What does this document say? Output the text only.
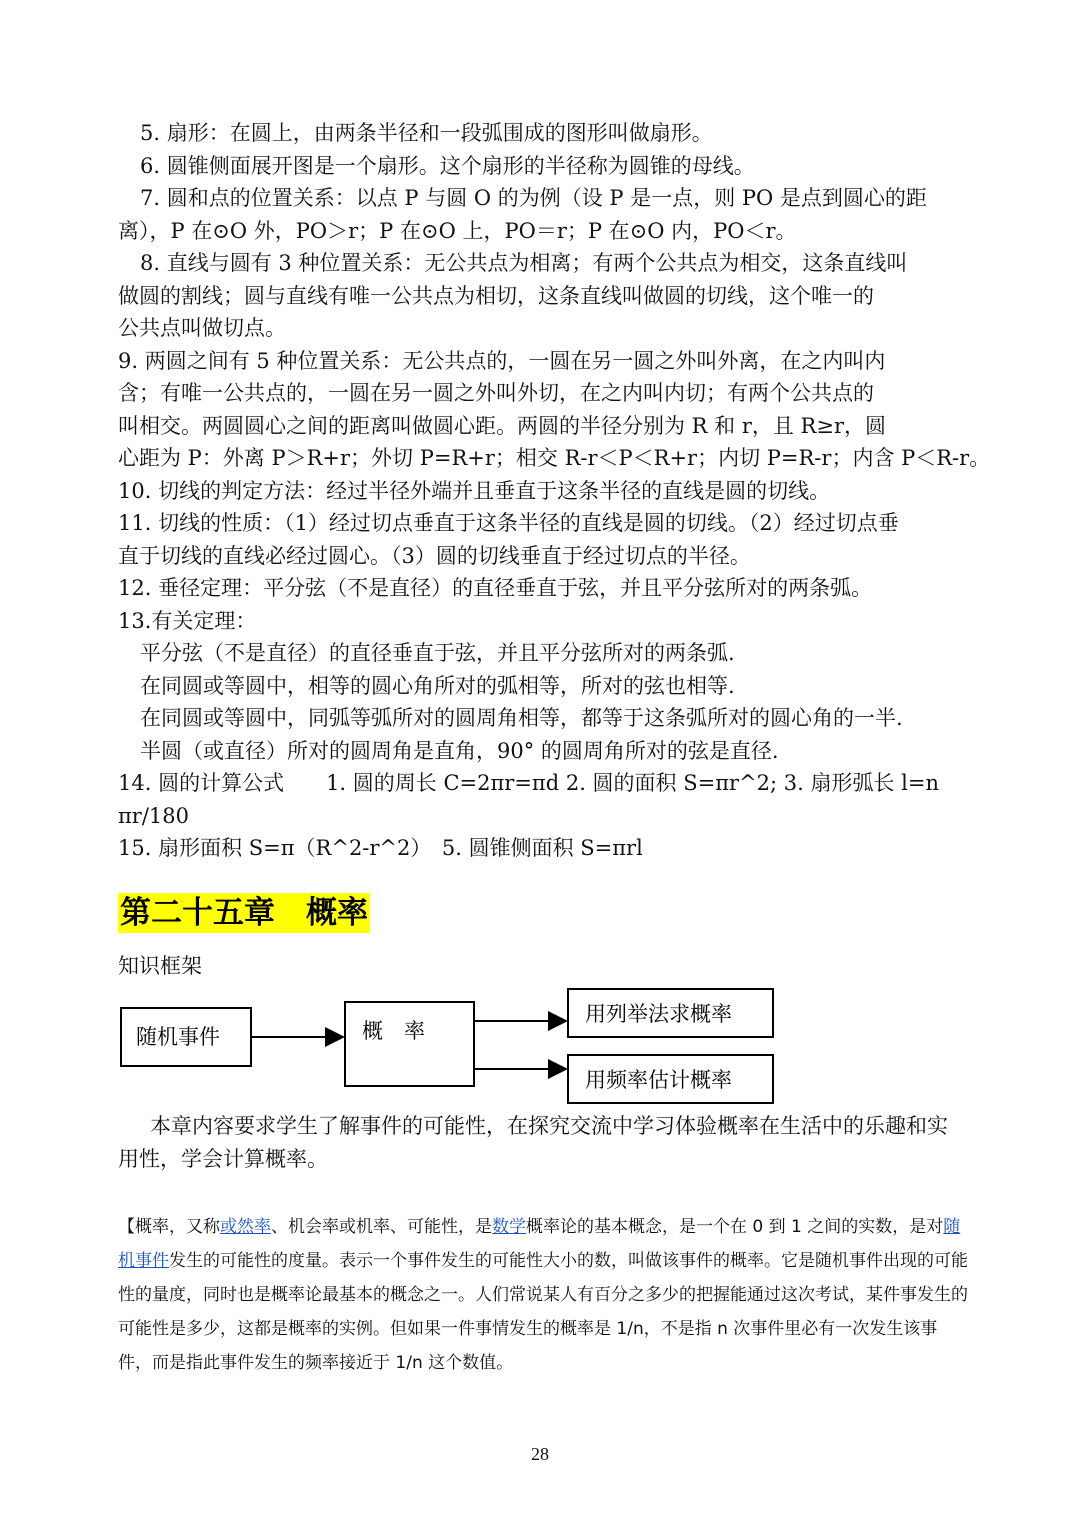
5. 扇形：在圆上，由两条半径和一段弧围成的图形叫做扇形。
6. 圆锥侧面展开图是一个扇形。这个扇形的半径称为圆锥的母线。
7. 圆和点的位置关系：以点 P 与圆 O 的为例（设 P 是一点，则 PO 是点到圆心的距
离），P 在⊙O 外，PO＞r；P 在⊙O 上，PO＝r；P 在⊙O 内，PO＜r。
8. 直线与圆有 3 种位置关系：无公共点为相离；有两个公共点为相交，这条直线叫
做圆的割线；圆与直线有唯一公共点为相切，这条直线叫做圆的切线，这个唯一的
公共点叫做切点。
9. 两圆之间有 5 种位置关系：无公共点的，一圆在另一圆之外叫外离，在之内叫内
含；有唯一公共点的，一圆在另一圆之外叫外切，在之内叫内切；有两个公共点的
叫相交。两圆圆心之间的距离叫做圆心距。两圆的半径分别为 R 和 r，且 R≥r，圆
心距为 P：外离 P＞R+r；外切 P=R+r；相交 R-r＜P＜R+r；内切 P=R-r；内含 P＜R-r。
10. 切线的判定方法：经过半径外端并且垂直于这条半径的直线是圆的切线。
11. 切线的性质：（1）经过切点垂直于这条半径的直线是圆的切线。（2）经过切点垂
直于切线的直线必经过圆心。（3）圆的切线垂直于经过切点的半径。
12. 垂径定理：平分弦（不是直径）的直径垂直于弦，并且平分弦所对的两条弧。
13.有关定理：
平分弦（不是直径）的直径垂直于弦，并且平分弦所对的两条弧.
在同圆或等圆中，相等的圆心角所对的弧相等，所对的弦也相等.
在同圆或等圆中，同弧等弧所对的圆周角相等，都等于这条弧所对的圆心角的一半.
半圆（或直径）所对的圆周角是直角，90° 的圆周角所对的弦是直径.
14. 圆的计算公式　　1. 圆的周长 C=2πr=πd 2. 圆的面积 S=πr^2; 3. 扇形弧长 l=n
πr/180
15. 扇形面积 S=π（R^2-r^2）　5. 圆锥侧面积 S=πrl
第二十五章　概率
知识框架
随机事件	概　率
用列举法求概率
用频率估计概率
本章内容要求学生了解事件的可能性，在探究交流中学习体验概率在生活中的乐趣和实用性，学会计算概率。
【概率，又称或然率、机会率或机率、可能性，是数学概率论的基本概念，是一个在 0 到 1 之间的实数，是对随机事件发生的可能性的度量。表示一个事件发生的可能性大小的数，叫做该事件的概率。它是随机事件出现的可能性的量度，同时也是概率论最基本的概念之一。人们常说某人有百分之多少的把握能通过这次考试，某件事发生的可能性是多少，这都是概率的实例。但如果一件事情发生的概率是 1/n，不是指 n 次事件里必有一次发生该事件，而是指此事件发生的频率接近于 1/n 这个数值。
28
